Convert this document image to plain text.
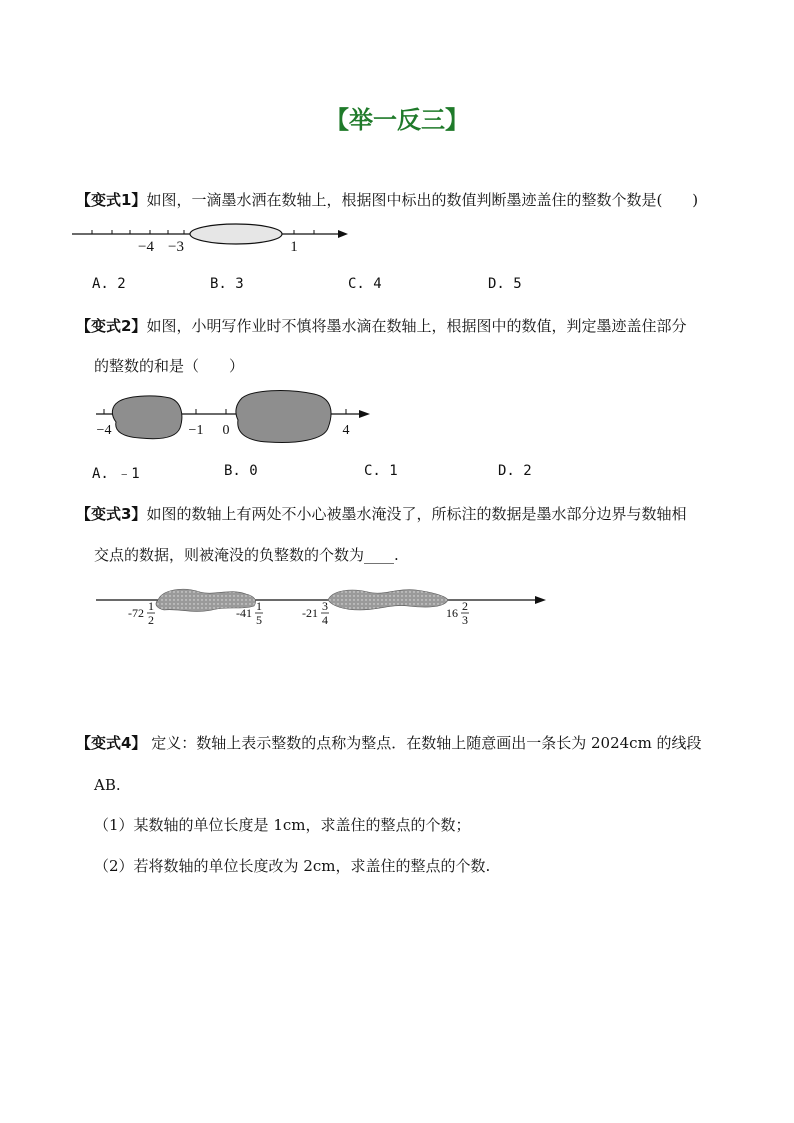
【举一反三】
【变式1】如图，一滴墨水洒在数轴上，根据图中标出的数值判断墨迹盖住的整数个数是(　　)
−4 −3	1
A. 2	B. 3	C. 4	D. 5
【变式2】如图，小明写作业时不慎将墨水滴在数轴上，根据图中的数值，判定墨迹盖住部分
的整数的和是（　　）
−4	−1 0	4
A. ﹣1	B. 0	C. 1	D. 2
【变式3】如图的数轴上有两处不小心被墨水淹没了，所标注的数据是墨水部分边界与数轴相
交点的数据，则被淹没的负整数的个数为____.
-72 1
2	-41 1
5	-21 3
4	16 2
3
【变式4】 定义：数轴上表示整数的点称为整点．在数轴上随意画出一条长为 2024cm 的线段
AB.
（1）某数轴的单位长度是 1cm，求盖住的整点的个数；
（2）若将数轴的单位长度改为 2cm，求盖住的整点的个数.
